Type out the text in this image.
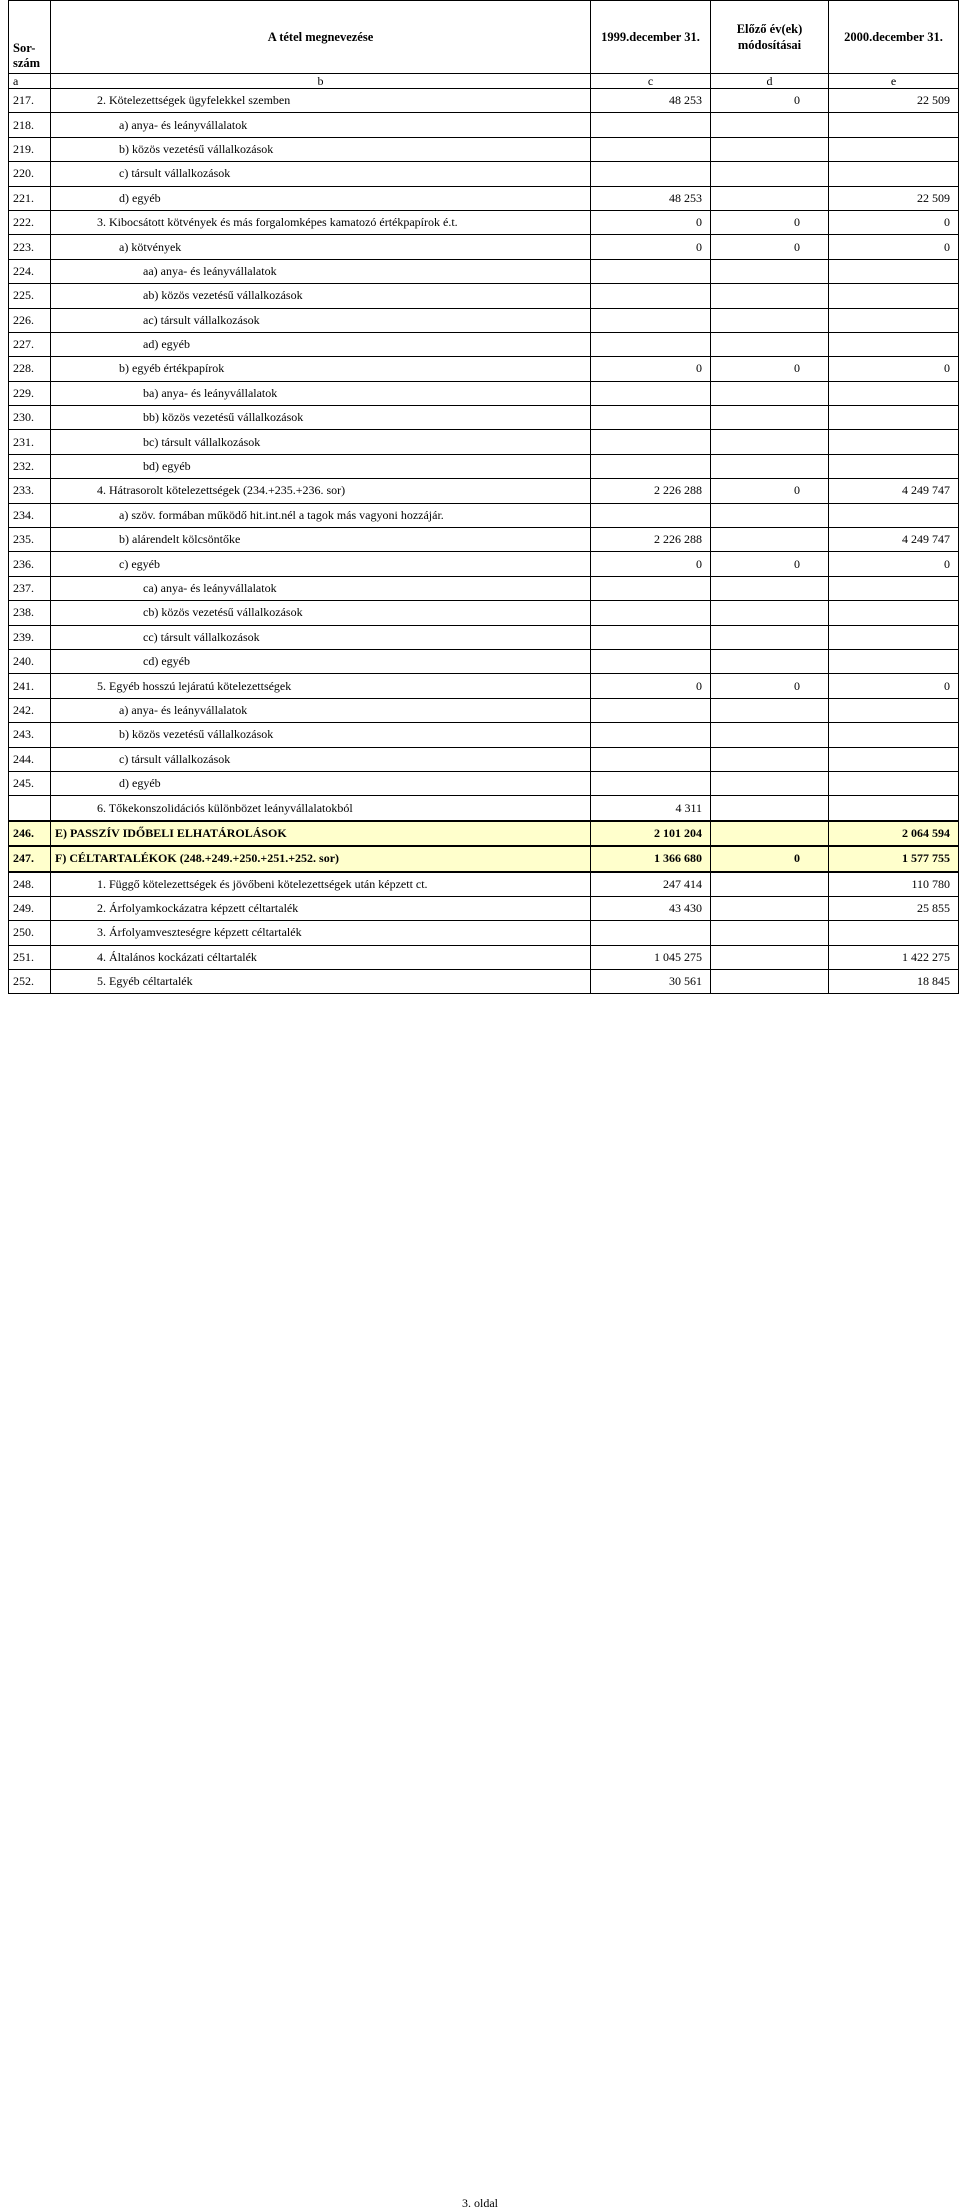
Sor-szám	A tétel megnevezése	1999.december 31.	Előző év(ek) módosításai	2000.december 31.
a	b	c	d	e
217.	2. Kötelezettségek ügyfelekkel szemben	48 253	0	22 509
218.	a) anya- és leányvállalatok			
219.	b) közös vezetésű vállalkozások			
220.	c) társult vállalkozások			
221.	d) egyéb	48 253		22 509
222.	3. Kibocsátott kötvények és más forgalomképes kamatozó értékpapírok é.t.	0	0	0
223.	a) kötvények	0	0	0
224.	aa) anya- és leányvállalatok			
225.	ab) közös vezetésű vállalkozások			
226.	ac) társult vállalkozások			
227.	ad) egyéb			
228.	b) egyéb értékpapírok	0	0	0
229.	ba) anya- és leányvállalatok			
230.	bb) közös vezetésű vállalkozások			
231.	bc) társult vállalkozások			
232.	bd) egyéb			
233.	4. Hátrasorolt kötelezettségek (234.+235.+236. sor)	2 226 288	0	4 249 747
234.	a) szöv. formában működő hit.int.nél a tagok más vagyoni hozzájár.			
235.	b) alárendelt kölcsöntőke	2 226 288		4 249 747
236.	c) egyéb	0	0	0
237.	ca) anya- és leányvállalatok			
238.	cb) közös vezetésű vállalkozások			
239.	cc) társult vállalkozások			
240.	cd) egyéb			
241.	5. Egyéb hosszú lejáratú kötelezettségek	0	0	0
242.	a) anya- és leányvállalatok			
243.	b) közös vezetésű vállalkozások			
244.	c) társult vállalkozások			
245.	d) egyéb			
	6. Tőkekonszolidációs különbözet leányvállalatokból	4 311		
246.	E) PASSZÍV IDŐBELI ELHATÁROLÁSOK	2 101 204		2 064 594
247.	F) CÉLTARTALÉKOK (248.+249.+250.+251.+252. sor)	1 366 680	0	1 577 755
248.	1. Függő kötelezettségek és jövőbeni kötelezettségek után képzett ct.	247 414		110 780
249.	2. Árfolyamkockázatra képzett céltartalék	43 430		25 855
250.	3. Árfolyamveszteségre képzett céltartalék			
251.	4. Általános kockázati céltartalék	1 045 275		1 422 275
252.	5. Egyéb céltartalék	30 561		18 845
3. oldal
